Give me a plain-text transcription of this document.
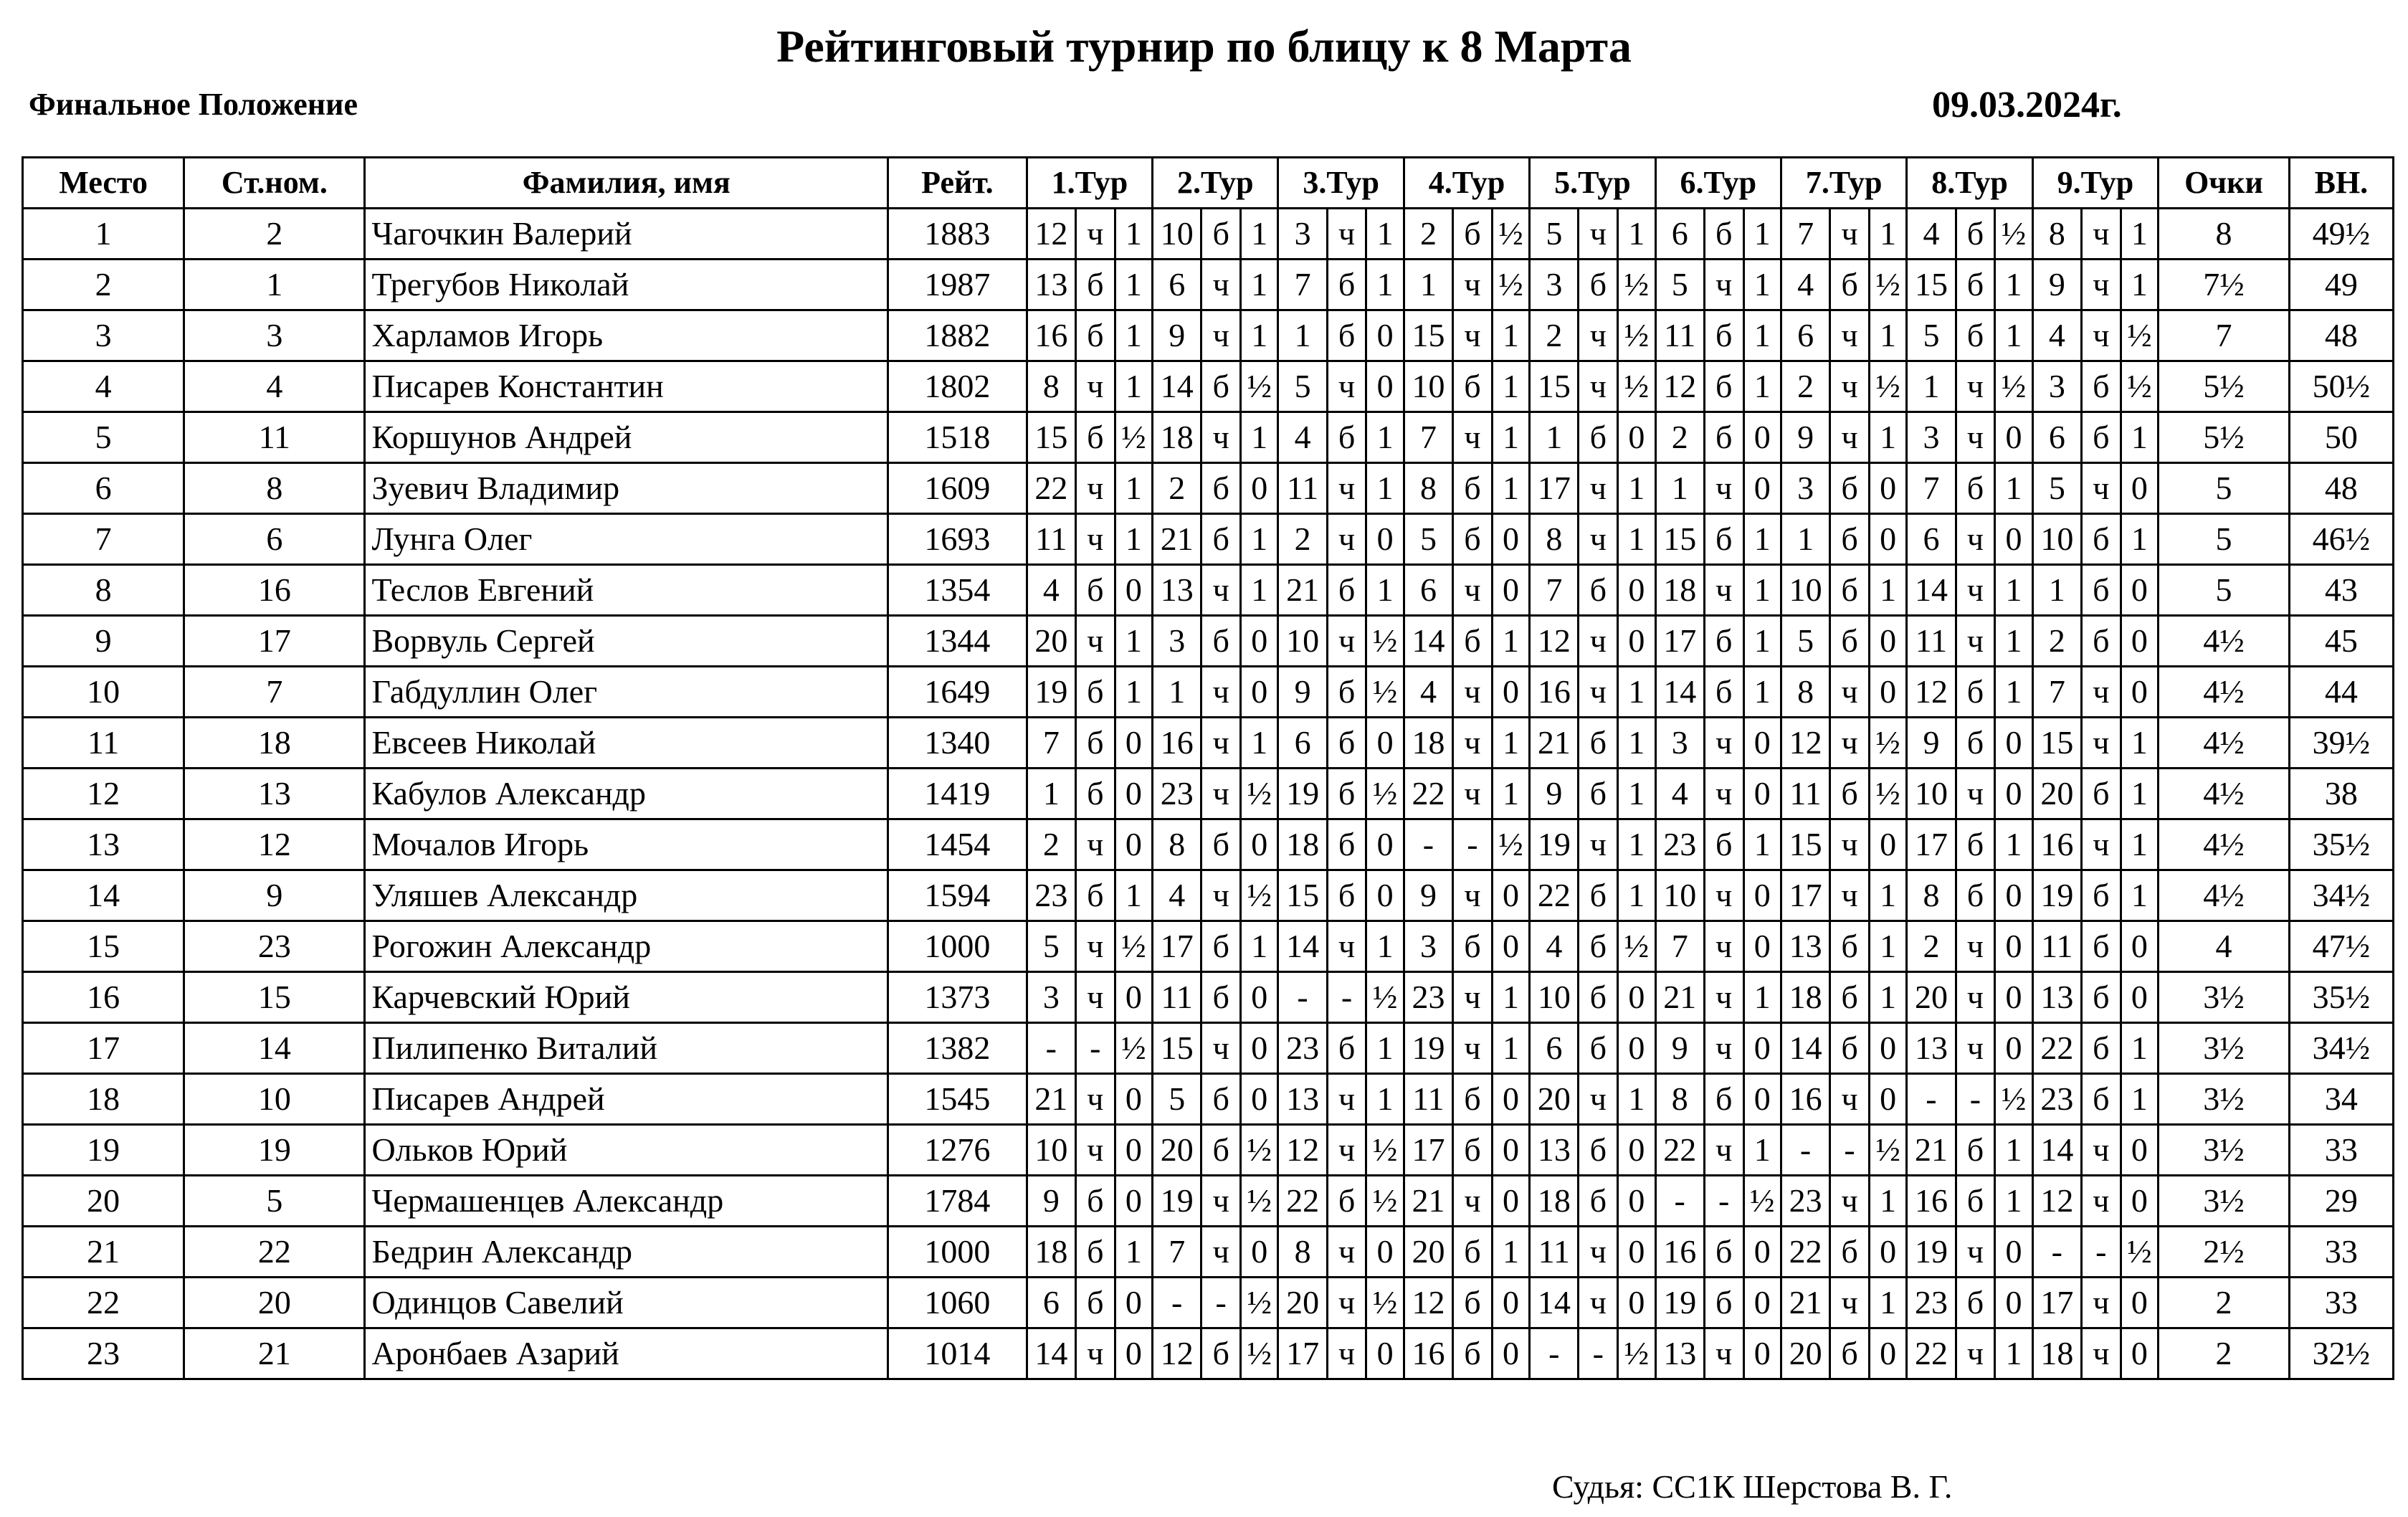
Рейтинговый турнир по блицу к 8 Марта
Финальное Положение	09.03.2024г.
Место	Ст.ном.	Фамилия, имя	Рейт.	1.Тур			2.Тур			3.Тур			4.Тур			5.Тур			6.Тур			7.Тур			8.Тур			9.Тур			Очки	ВН.
1	2	Чагочкин Валерий	1883	12	ч	1	10	б	1	3	ч	1	2	б	½	5	ч	1	6	б	1	7	ч	1	4	б	½	8	ч	1	8	49½
2	1	Трегубов Николай	1987	13	б	1	6	ч	1	7	б	1	1	ч	½	3	б	½	5	ч	1	4	б	½	15	б	1	9	ч	1	7½	49
3	3	Харламов Игорь	1882	16	б	1	9	ч	1	1	б	0	15	ч	1	2	ч	½	11	б	1	6	ч	1	5	б	1	4	ч	½	7	48
4	4	Писарев Константин	1802	8	ч	1	14	б	½	5	ч	0	10	б	1	15	ч	½	12	б	1	2	ч	½	1	ч	½	3	б	½	5½	50½
5	11	Коршунов Андрей	1518	15	б	½	18	ч	1	4	б	1	7	ч	1	1	б	0	2	б	0	9	ч	1	3	ч	0	6	б	1	5½	50
6	8	Зуевич Владимир	1609	22	ч	1	2	б	0	11	ч	1	8	б	1	17	ч	1	1	ч	0	3	б	0	7	б	1	5	ч	0	5	48
7	6	Лунга Олег	1693	11	ч	1	21	б	1	2	ч	0	5	б	0	8	ч	1	15	б	1	1	б	0	6	ч	0	10	б	1	5	46½
8	16	Теслов Евгений	1354	4	б	0	13	ч	1	21	б	1	6	ч	0	7	б	0	18	ч	1	10	б	1	14	ч	1	1	б	0	5	43
9	17	Ворвуль Сергей	1344	20	ч	1	3	б	0	10	ч	½	14	б	1	12	ч	0	17	б	1	5	б	0	11	ч	1	2	б	0	4½	45
10	7	Габдуллин Олег	1649	19	б	1	1	ч	0	9	б	½	4	ч	0	16	ч	1	14	б	1	8	ч	0	12	б	1	7	ч	0	4½	44
11	18	Евсеев Николай	1340	7	б	0	16	ч	1	6	б	0	18	ч	1	21	б	1	3	ч	0	12	ч	½	9	б	0	15	ч	1	4½	39½
12	13	Кабулов Александр	1419	1	б	0	23	ч	½	19	б	½	22	ч	1	9	б	1	4	ч	0	11	б	½	10	ч	0	20	б	1	4½	38
13	12	Мочалов Игорь	1454	2	ч	0	8	б	0	18	б	0	-	-	½	19	ч	1	23	б	1	15	ч	0	17	б	1	16	ч	1	4½	35½
14	9	Уляшев Александр	1594	23	б	1	4	ч	½	15	б	0	9	ч	0	22	б	1	10	ч	0	17	ч	1	8	б	0	19	б	1	4½	34½
15	23	Рогожин Александр	1000	5	ч	½	17	б	1	14	ч	1	3	б	0	4	б	½	7	ч	0	13	б	1	2	ч	0	11	б	0	4	47½
16	15	Карчевский Юрий	1373	3	ч	0	11	б	0	-	-	½	23	ч	1	10	б	0	21	ч	1	18	б	1	20	ч	0	13	б	0	3½	35½
17	14	Пилипенко Виталий	1382	-	-	½	15	ч	0	23	б	1	19	ч	1	6	б	0	9	ч	0	14	б	0	13	ч	0	22	б	1	3½	34½
18	10	Писарев Андрей	1545	21	ч	0	5	б	0	13	ч	1	11	б	0	20	ч	1	8	б	0	16	ч	0	-	-	½	23	б	1	3½	34
19	19	Ольков Юрий	1276	10	ч	0	20	б	½	12	ч	½	17	б	0	13	б	0	22	ч	1	-	-	½	21	б	1	14	ч	0	3½	33
20	5	Чермашенцев Александр	1784	9	б	0	19	ч	½	22	б	½	21	ч	0	18	б	0	-	-	½	23	ч	1	16	б	1	12	ч	0	3½	29
21	22	Бедрин Александр	1000	18	б	1	7	ч	0	8	ч	0	20	б	1	11	ч	0	16	б	0	22	б	0	19	ч	0	-	-	½	2½	33
22	20	Одинцов Савелий	1060	6	б	0	-	-	½	20	ч	½	12	б	0	14	ч	0	19	б	0	21	ч	1	23	б	0	17	ч	0	2	33
23	21	Аронбаев Азарий	1014	14	ч	0	12	б	½	17	ч	0	16	б	0	-	-	½	13	ч	0	20	б	0	22	ч	1	18	ч	0	2	32½
Судья: СС1К Шерстова В. Г.
